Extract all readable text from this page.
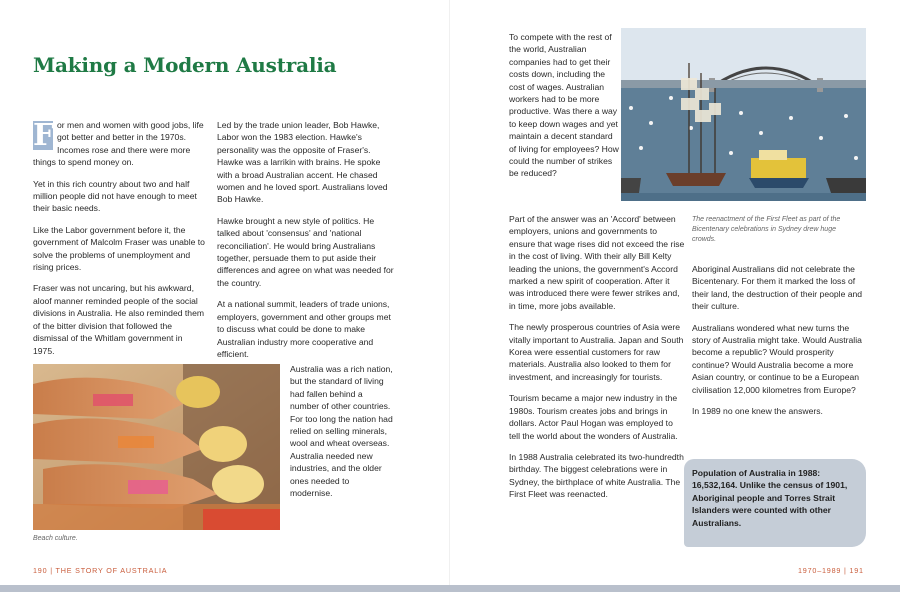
Making a Modern Australia

F or men and women with good jobs, life got better and better in the 1970s. Incomes rose and there were more things to spend money on.

Yet in this rich country about two and half million people did not have enough to meet their basic needs.

Like the Labor government before it, the government of Malcolm Fraser was unable to solve the problems of unemployment and rising prices.

Fraser was not uncaring, but his awkward, aloof manner reminded people of the social divisions in Australia. He also reminded them of the bitter division that followed the dismissal of the Whitlam government in 1975.

Led by the trade union leader, Bob Hawke, Labor won the 1983 election. Hawke's personality was the opposite of Fraser's. Hawke was a larrikin with brains. He spoke with a broad Australian accent. He chased women and he loved sport. Australians loved Bob Hawke.

Hawke brought a new style of politics. He talked about 'consensus' and 'national reconciliation'. He would bring Australians together, persuade them to put aside their differences and agree on what was needed for the country.

At a national summit, leaders of trade unions, employers, government and other groups met to discuss what could be done to make Australian industry more cooperative and efficient.

Australia was a rich nation, but the standard of living had fallen behind a number of other countries. For too long the nation had relied on selling minerals, wool and wheat overseas. Australia needed new industries, and the older ones needed to modernise.

Beach culture.
190 | THE STORY OF AUSTRALIA

To compete with the rest of the world, Australian companies had to get their costs down, including the cost of wages. Australian workers had to be more productive. Was there a way to keep down wages and yet maintain a decent standard of living for employees? How could the number of strikes be reduced?

The reenactment of the First Fleet as part of the Bicentenary celebrations in Sydney drew huge crowds.

Part of the answer was an 'Accord' between employers, unions and governments to ensure that wage rises did not exceed the rise in the cost of living. With their ally Bill Kelty leading the unions, the government's Accord marked a new spirit of cooperation. After it was introduced there were fewer strikes and, in time, more jobs available.

The newly prosperous countries of Asia were vitally important to Australia. Japan and South Korea were essential customers for raw materials. Australia also looked to them for investment, and increasingly for tourists.

Tourism became a major new industry in the 1980s. Tourism creates jobs and brings in dollars. Actor Paul Hogan was employed to tell the world about the wonders of Australia.

In 1988 Australia celebrated its two-hundredth birthday. The biggest celebrations were in Sydney, the birthplace of white Australia. The First Fleet was reenacted.

Aboriginal Australians did not celebrate the Bicentenary. For them it marked the loss of their land, the destruction of their people and their culture.

Australians wondered what new turns the story of Australia might take. Would Australia become a republic? Would prosperity continue? Would Australia become a more Asian country, or continue to be a European civilisation 12,000 kilometres from Europe?

In 1989 no one knew the answers.

1970–1989 | 191
Population of Australia in 1988: 16,532,164. Unlike the census of 1901, Aboriginal people and Torres Strait Islanders were counted with other Australians.
